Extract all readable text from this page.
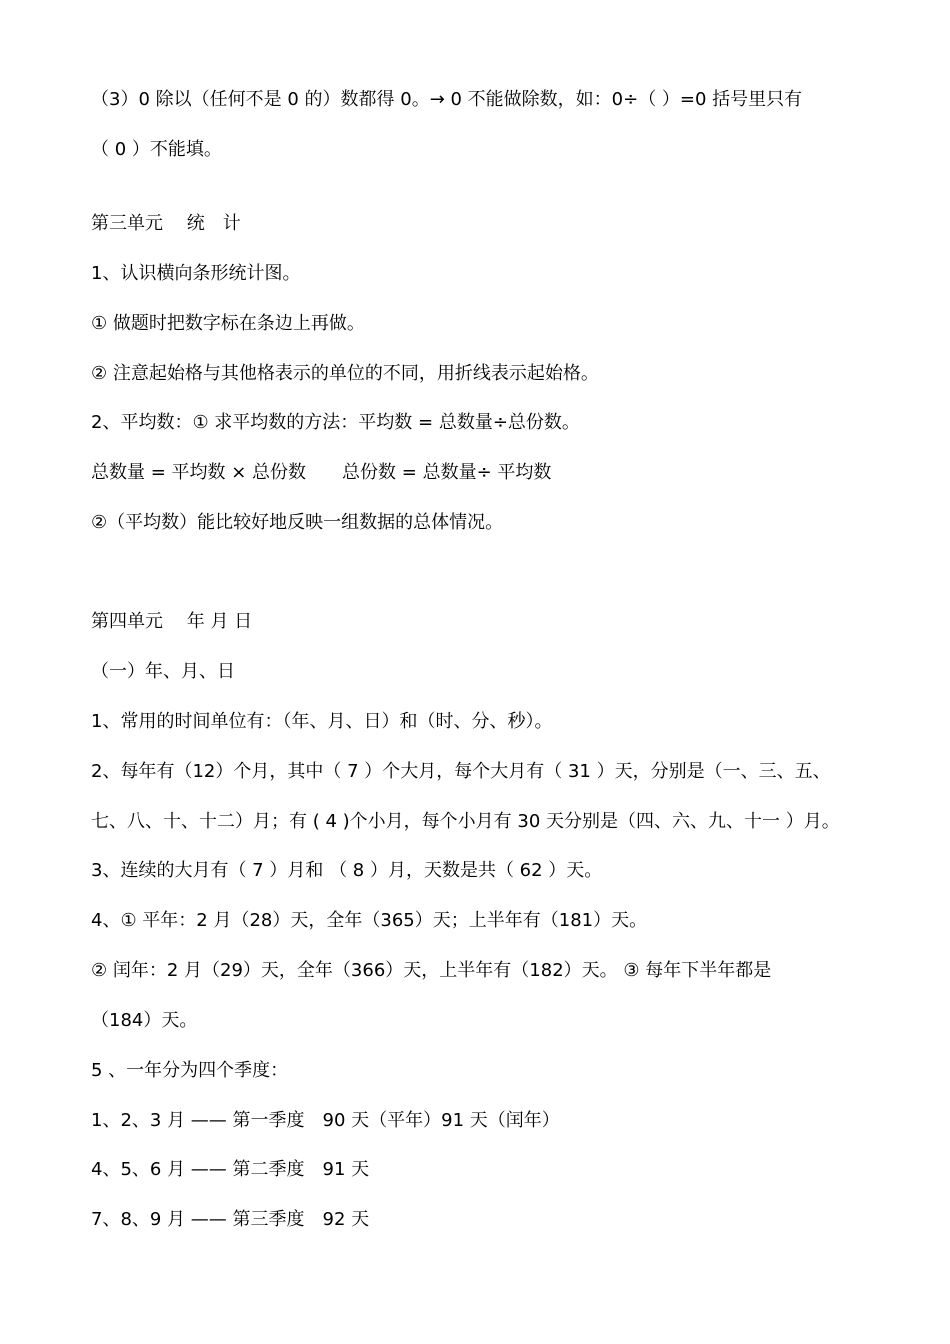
（3）0 除以（任何不是 0 的）数都得 0。→ 0 不能做除数，如：0÷（ ）=0 括号里只有
（ 0 ）不能填。
第三单元　 统　计
1、认识横向条形统计图。
① 做题时把数字标在条边上再做。
② 注意起始格与其他格表示的单位的不同，用折线表示起始格。
2、平均数：① 求平均数的方法：平均数 = 总数量÷总份数。
总数量 = 平均数 × 总份数　　总份数 = 总数量÷ 平均数
②（平均数）能比较好地反映一组数据的总体情况。
第四单元　 年 月 日
（一）年、月、日
1、常用的时间单位有：（年、月、日）和（时、分、秒）。
2、每年有（12）个月，其中（ 7 ）个大月，每个大月有（ 31 ）天，分别是（一、三、五、
七、八、十、十二）月；有 ( 4 )个小月，每个小月有 30 天分别是（四、六、九、十一 ）月。
3、连续的大月有（ 7 ）月和 （ 8 ）月，天数是共（ 62 ）天。
4、① 平年：2 月（28）天，全年（365）天；上半年有（181）天。
② 闰年：2 月（29）天，全年（366）天，上半年有（182）天。 ③ 每年下半年都是
（184）天。
5 、一年分为四个季度：
1、2、3 月 —— 第一季度　90 天（平年）91 天（闰年）
4、5、6 月 —— 第二季度　91 天
7、8、9 月 —— 第三季度　92 天
